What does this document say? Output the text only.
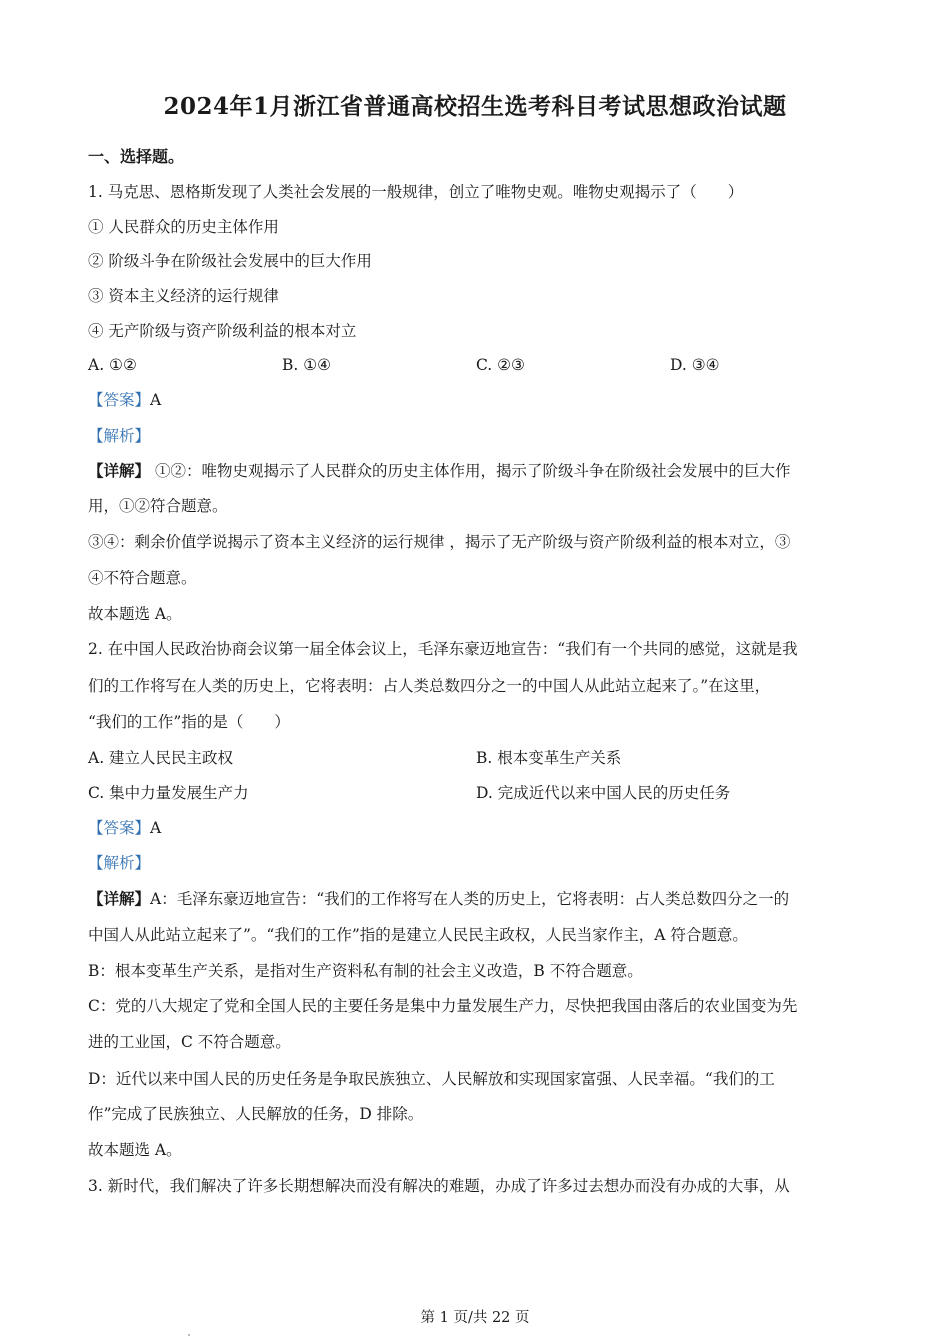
2024年1月浙江省普通高校招生选考科目考试思想政治试题
一、选择题。
1. 马克思、恩格斯发现了人类社会发展的一般规律，创立了唯物史观。唯物史观揭示了（　　）
① 人民群众的历史主体作用
② 阶级斗争在阶级社会发展中的巨大作用
③ 资本主义经济的运行规律
④ 无产阶级与资产阶级利益的根本对立
A. ①②	B. ①④	C. ②③	D. ③④
【答案】A
【解析】
【详解】 ①②：唯物史观揭示了人民群众的历史主体作用，揭示了阶级斗争在阶级社会发展中的巨大作
用，①②符合题意。
③④：剩余价值学说揭示了资本主义经济的运行规律 ，揭示了无产阶级与资产阶级利益的根本对立，③
④不符合题意。
故本题选 A。
2. 在中国人民政治协商会议第一届全体会议上，毛泽东豪迈地宣告：“我们有一个共同的感觉，这就是我
们的工作将写在人类的历史上，它将表明：占人类总数四分之一的中国人从此站立起来了。”在这里，
“我们的工作”指的是（　　）
A. 建立人民民主政权	B. 根本变革生产关系
C. 集中力量发展生产力	D. 完成近代以来中国人民的历史任务
【答案】A
【解析】
【详解】A：毛泽东豪迈地宣告：“我们的工作将写在人类的历史上，它将表明：占人类总数四分之一的
中国人从此站立起来了”。“我们的工作”指的是建立人民民主政权，人民当家作主，A 符合题意。
B：根本变革生产关系，是指对生产资料私有制的社会主义改造，B 不符合题意。
C：党的八大规定了党和全国人民的主要任务是集中力量发展生产力，尽快把我国由落后的农业国变为先
进的工业国，C 不符合题意。
D：近代以来中国人民的历史任务是争取民族独立、人民解放和实现国家富强、人民幸福。“我们的工
作”完成了民族独立、人民解放的任务，D 排除。
故本题选 A。
3. 新时代，我们解决了许多长期想解决而没有解决的难题，办成了许多过去想办而没有办成的大事，从
第 1 页/共 22 页
